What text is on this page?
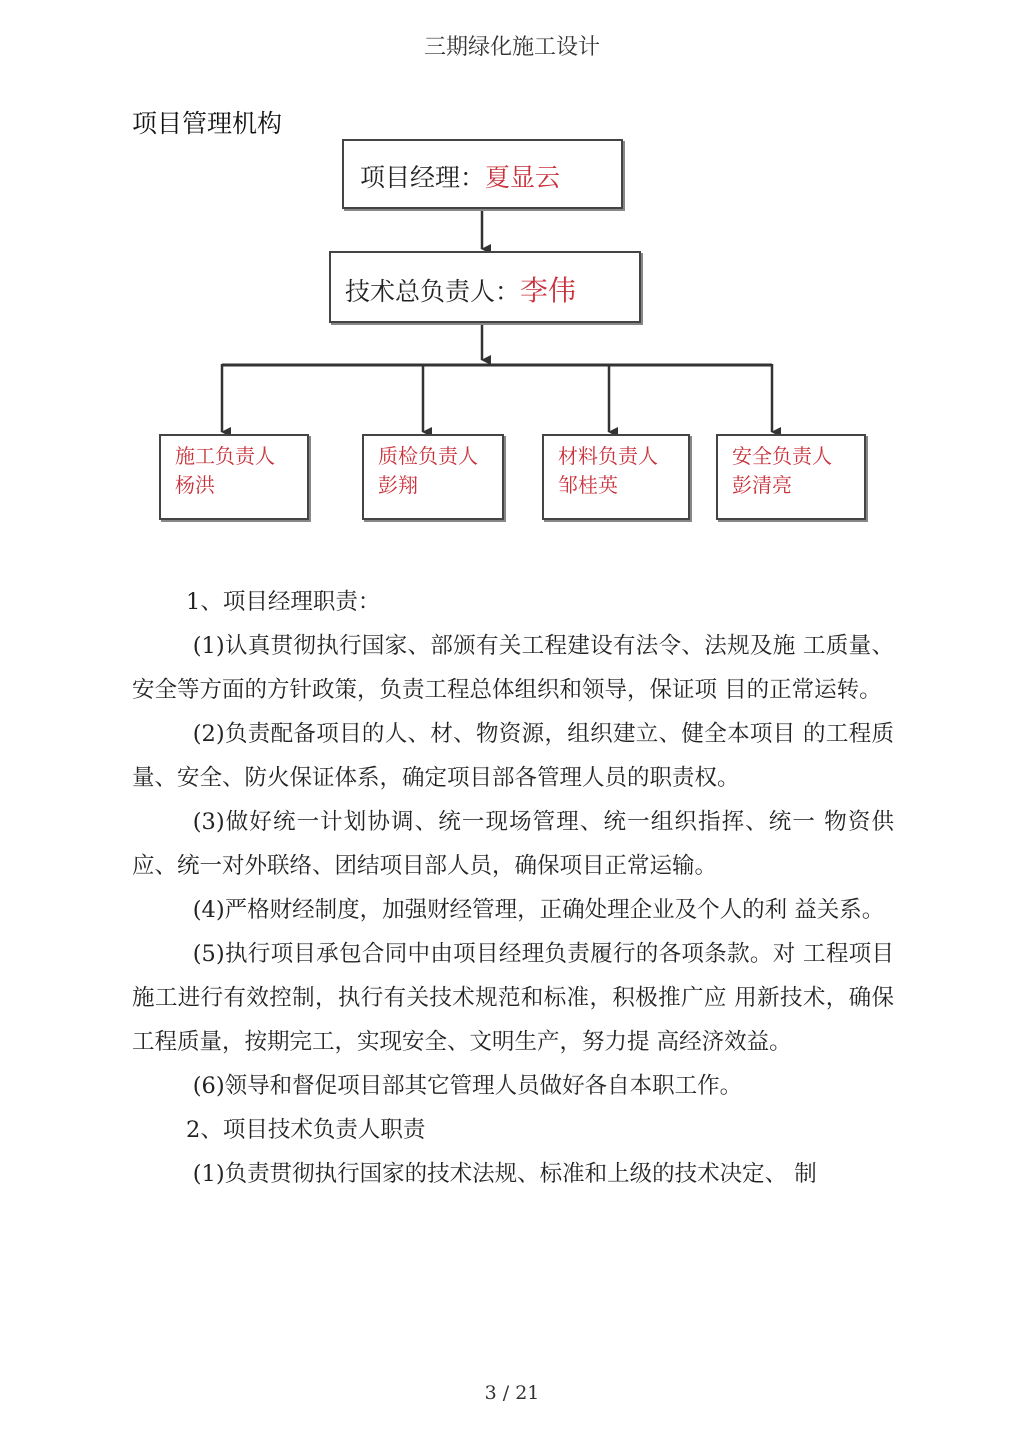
三期绿化施工设计
项目管理机构
项目经理：夏显云
技术总负责人：李伟
施工负责人
杨洪
质检负责人
彭翔
材料负责人
邹桂英
安全负责人
彭清亮

1、项目经理职责：

(1)认真贯彻执行国家、部颁有关工程建设有法令、法规及施 工质量、安全等方面的方针政策，负责工程总体组织和领导，保证项 目的正常运转。

(2)负责配备项目的人、材、物资源，组织建立、健全本项目 的工程质量、安全、防火保证体系，确定项目部各管理人员的职责权。

(3)做好统一计划协调、统一现场管理、统一组织指挥、统一 物资供应、统一对外联络、团结项目部人员，确保项目正常运输。

(4)严格财经制度，加强财经管理，正确处理企业及个人的利 益关系。

(5)执行项目承包合同中由项目经理负责履行的各项条款。对 工程项目施工进行有效控制，执行有关技术规范和标准，积极推广应 用新技术，确保工程质量，按期完工，实现安全、文明生产，努力提 高经济效益。

(6)领导和督促项目部其它管理人员做好各自本职工作。

2、项目技术负责人职责

(1)负责贯彻执行国家的技术法规、标准和上级的技术决定、 制

3 / 21
